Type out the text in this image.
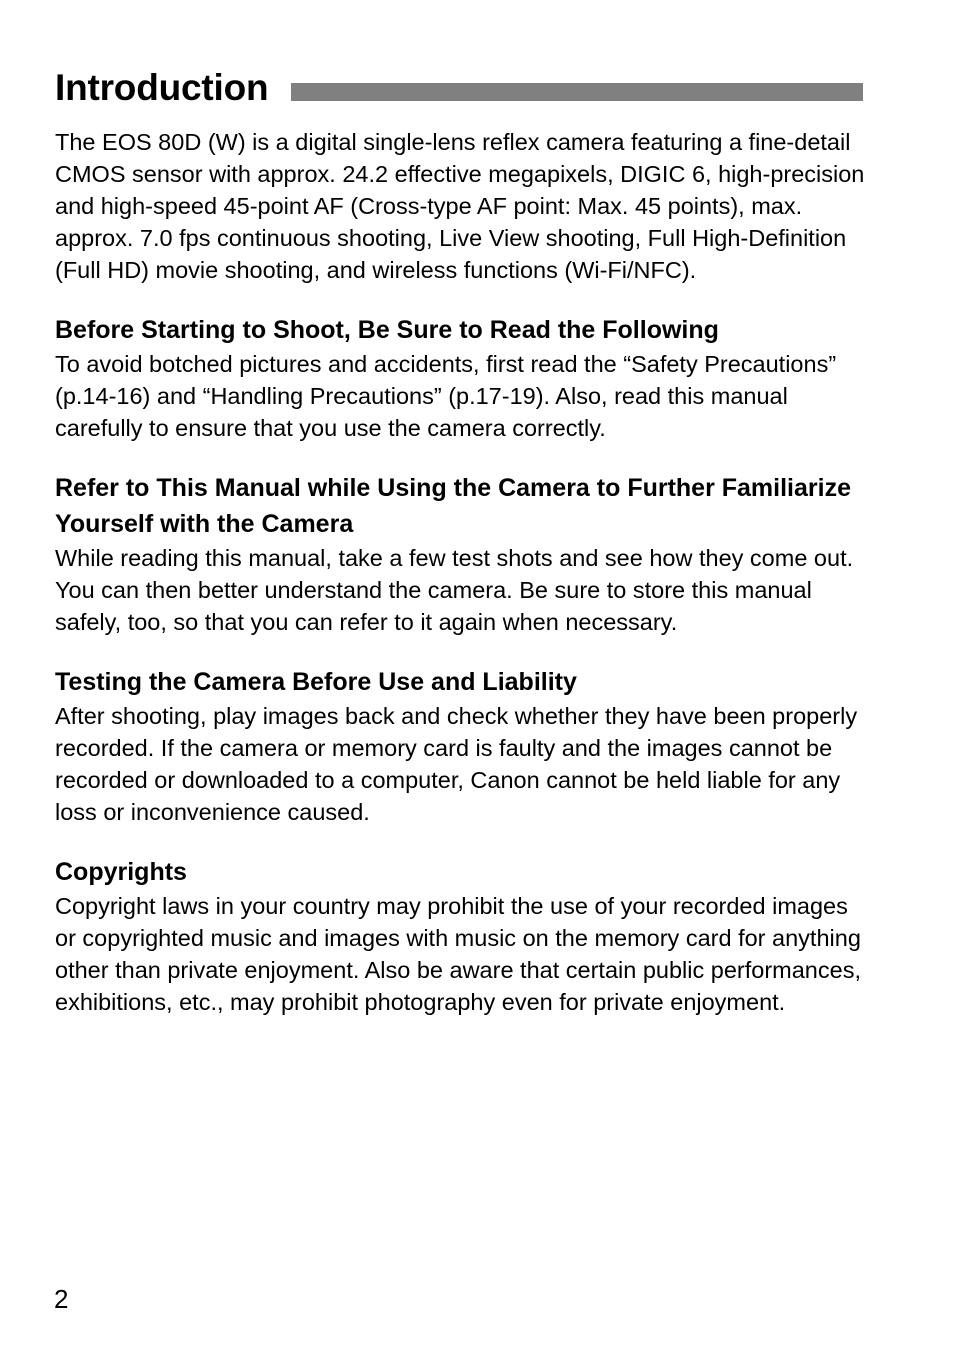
Introduction

The EOS 80D (W) is a digital single-lens reflex camera featuring a fine-detail CMOS sensor with approx. 24.2 effective megapixels, DIGIC 6, high-precision and high-speed 45-point AF (Cross-type AF point: Max. 45 points), max. approx. 7.0 fps continuous shooting, Live View shooting, Full High-Definition (Full HD) movie shooting, and wireless functions (Wi-Fi/NFC).

Before Starting to Shoot, Be Sure to Read the Following

To avoid botched pictures and accidents, first read the “Safety Precautions” (p.14-16) and “Handling Precautions” (p.17-19). Also, read this manual carefully to ensure that you use the camera correctly.

Refer to This Manual while Using the Camera to Further Familiarize Yourself with the Camera

While reading this manual, take a few test shots and see how they come out. You can then better understand the camera. Be sure to store this manual safely, too, so that you can refer to it again when necessary.

Testing the Camera Before Use and Liability

After shooting, play images back and check whether they have been properly recorded. If the camera or memory card is faulty and the images cannot be recorded or downloaded to a computer, Canon cannot be held liable for any loss or inconvenience caused.

Copyrights

Copyright laws in your country may prohibit the use of your recorded images or copyrighted music and images with music on the memory card for anything other than private enjoyment. Also be aware that certain public performances, exhibitions, etc., may prohibit photography even for private enjoyment.

2
